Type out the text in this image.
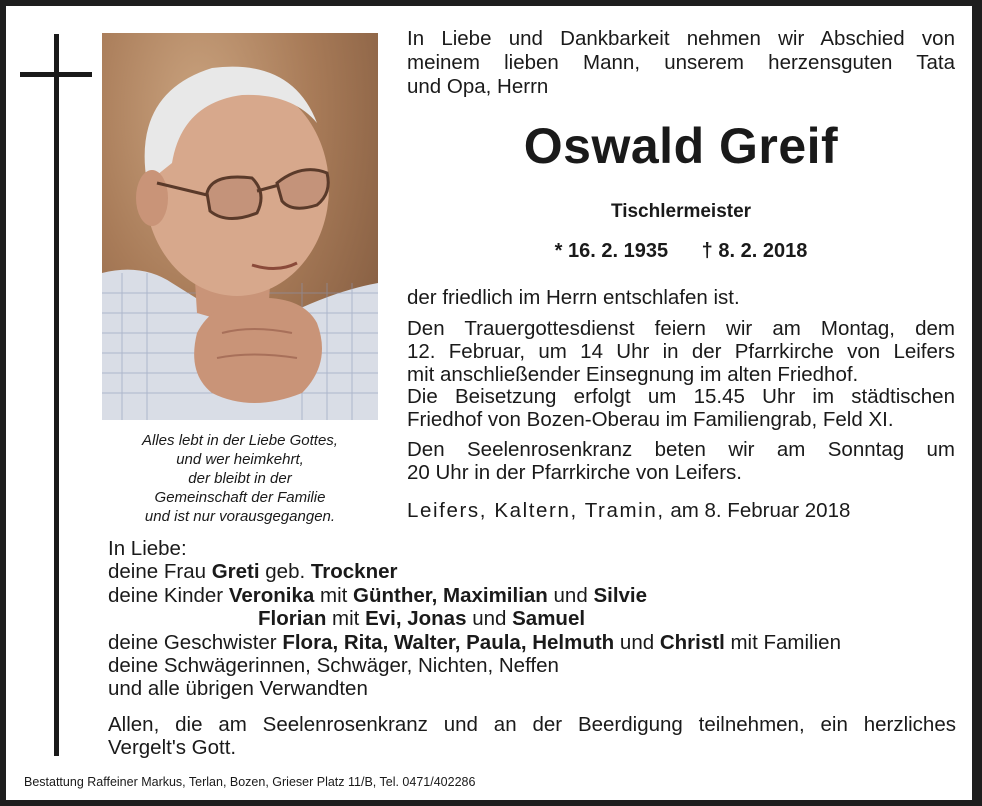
Alles lebt in der Liebe Gottes,
und wer heimkehrt,
der bleibt in der
Gemeinschaft der Familie
und ist nur vorausgegangen.
In Liebe und Dankbarkeit nehmen wir Abschied von
meinem lieben Mann, unserem herzensguten Tata
und Opa, Herrn
Oswald Greif
Tischlermeister
* 16. 2. 1935 † 8. 2. 2018
der friedlich im Herrn entschlafen ist.
Den Trauergottesdienst feiern wir am Montag, dem
12. Februar, um 14 Uhr in der Pfarrkirche von Leifers
mit anschließender Einsegnung im alten Friedhof.
Die Beisetzung erfolgt um 15.45 Uhr im städtischen
Friedhof von Bozen-Oberau im Familiengrab, Feld XI.
Den Seelenrosenkranz beten wir am Sonntag um
20 Uhr in der Pfarrkirche von Leifers.
Leifers, Kaltern, Tramin, am 8. Februar 2018
In Liebe:
deine Frau Greti geb. Trockner
deine Kinder Veronika mit Günther, Maximilian und Silvie
Florian mit Evi, Jonas und Samuel
deine Geschwister Flora, Rita, Walter, Paula, Helmuth und Christl mit Familien
deine Schwägerinnen, Schwäger, Nichten, Neffen
und alle übrigen Verwandten
Allen, die am Seelenrosenkranz und an der Beerdigung teilnehmen, ein herzliches
Vergelt's Gott.
Bestattung Raffeiner Markus, Terlan, Bozen, Grieser Platz 11/B, Tel. 0471/402286
